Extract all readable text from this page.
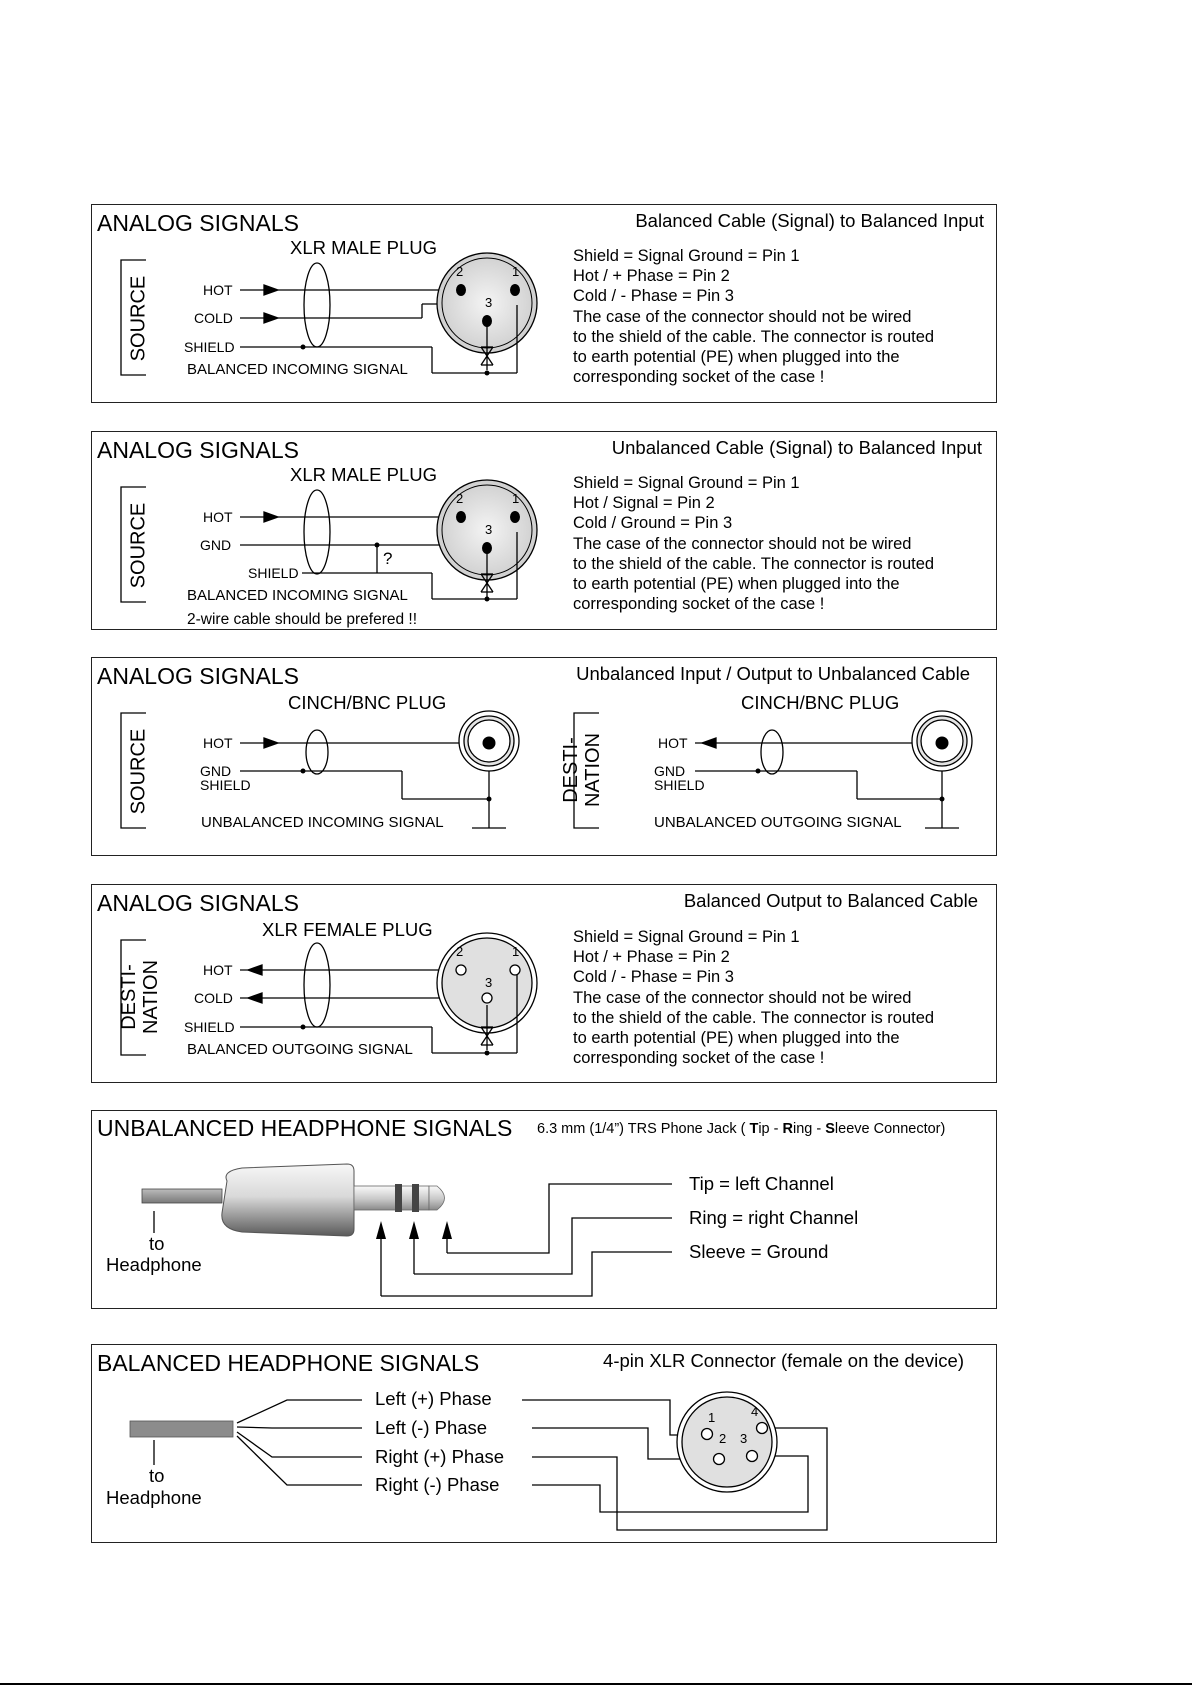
ANALOG SIGNALS	Balanced Cable (Signal) to Balanced Input
XLR MALE PLUG
SOURCE	HOT
COLD
SHIELD
BALANCED INCOMING SIGNAL
2	1
3
Shield = Signal Ground = Pin 1
Hot / + Phase = Pin 2
Cold / - Phase = Pin 3
The case of the connector should not be wired
to the shield of the cable. The connector is routed
to earth potential (PE) when plugged into the
corresponding socket of the case !
ANALOG SIGNALS	Unbalanced Cable (Signal) to Balanced Input
XLR MALE PLUG
SOURCE	HOT
GND
SHIELD
?
BALANCED INCOMING SIGNAL
2-wire cable should be prefered !!
2	1
3
Shield = Signal Ground = Pin 1
Hot / Signal = Pin 2
Cold / Ground = Pin 3
The case of the connector should not be wired
to the shield of the cable. The connector is routed
to earth potential (PE) when plugged into the
corresponding socket of the case !
ANALOG SIGNALS	Unbalanced Input / Output to Unbalanced Cable
CINCH/BNC PLUG
SOURCE	HOT
GND
SHIELD
UNBALANCED INCOMING SIGNAL
CINCH/BNC PLUG
DESTI- NATION	HOT
GND
SHIELD
UNBALANCED OUTGOING SIGNAL
ANALOG SIGNALS	Balanced Output to Balanced Cable
XLR FEMALE PLUG
DESTI- NATION	HOT
COLD
SHIELD
BALANCED OUTGOING SIGNAL
2	1
3
Shield = Signal Ground = Pin 1
Hot / + Phase = Pin 2
Cold / - Phase = Pin 3
The case of the connector should not be wired
to the shield of the cable. The connector is routed
to earth potential (PE) when plugged into the
corresponding socket of the case !
UNBALANCED HEADPHONE SIGNALS 6.3 mm (1/4”) TRS Phone Jack ( Tip - Ring - Sleeve Connector)
to
Headphone
Tip = left Channel
Ring = right Channel
Sleeve = Ground
BALANCED HEADPHONE SIGNALS	4-pin XLR Connector (female on the device)
to
Headphone
Left (+) Phase
Left (-) Phase
Right (+) Phase
Right (-) Phase
1
2 3
4
